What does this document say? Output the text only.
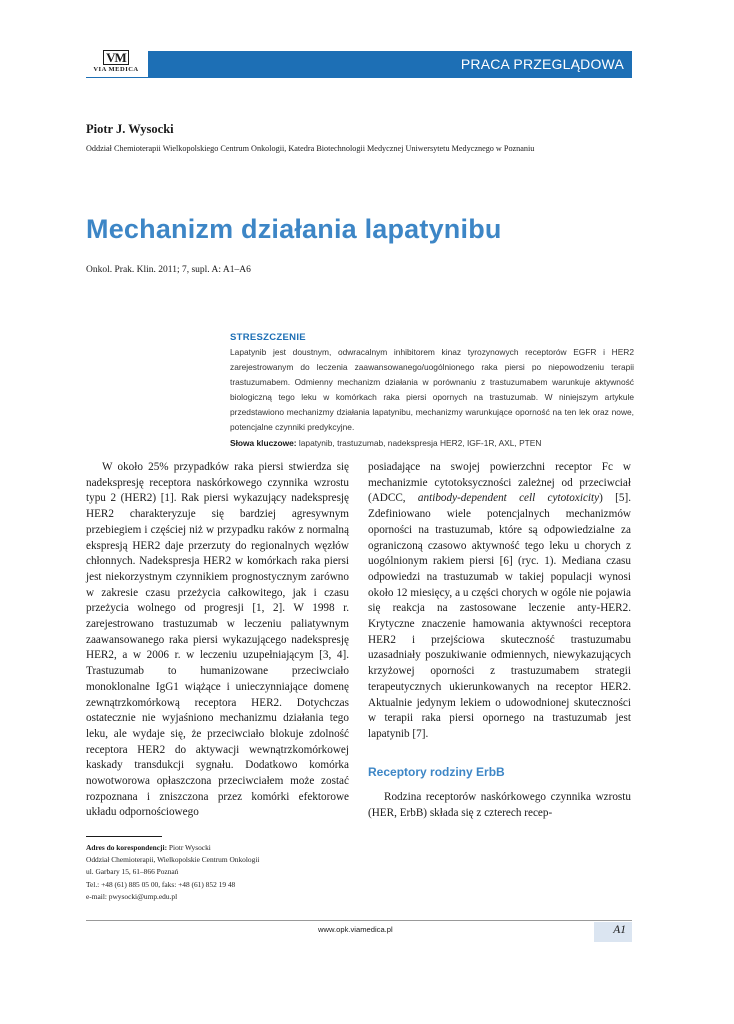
VM
VIA MEDICA	PRACA PRZEGLĄDOWA
Piotr J. Wysocki
Oddział Chemioterapii Wielkopolskiego Centrum Onkologii, Katedra Biotechnologii Medycznej Uniwersytetu Medycznego w Poznaniu
Mechanizm działania lapatynibu
Onkol. Prak. Klin. 2011; 7, supl. A: A1–A6
STRESZCZENIE
Lapatynib jest doustnym, odwracalnym inhibitorem kinaz tyrozynowych receptorów EGFR i HER2 zarejestrowanym do leczenia zaawansowanego/uogólnionego raka piersi po niepowodzeniu terapii trastuzumabem. Odmienny mechanizm działania w porównaniu z trastuzumabem warunkuje aktywność biologiczną tego leku w komórkach raka piersi opornych na trastuzumab. W niniejszym artykule przedstawiono mechanizmy działania lapatynibu, mechanizmy warunkujące oporność na ten lek oraz nowe, potencjalne czynniki predykcyjne.
Słowa kluczowe: lapatynib, trastuzumab, nadekspresja HER2, IGF-1R, AXL, PTEN

W około 25% przypadków raka piersi stwierdza się nadekspresję receptora naskórkowego czynnika wzrostu typu 2 (HER2) [1]. Rak piersi wykazujący nadekspresję HER2 charakteryzuje się bardziej agresywnym przebiegiem i częściej niż w przypadku raków z normalną ekspresją HER2 daje przerzuty do regionalnych węzłów chłonnych. Nadekspresja HER2 w komórkach raka piersi jest niekorzystnym czynnikiem prognostycznym zarówno w zakresie czasu przeżycia całkowitego, jak i czasu przeżycia wolnego od progresji [1, 2]. W 1998 r. zarejestrowano trastuzumab w leczeniu paliatywnym zaawansowanego raka piersi wykazującego nadekspresję HER2, a w 2006 r. w leczeniu uzupełniającym [3, 4]. Trastuzumab to humanizowane przeciwciało monoklonalne IgG1 wiążące i unieczynniające domenę zewnątrzkomórkową receptora HER2. Dotychczas ostatecznie nie wyjaśniono mechanizmu działania tego leku, ale wydaje się, że przeciwciało blokuje zdolność receptora HER2 do aktywacji wewnątrzkomórkowej kaskady transdukcji sygnału. Dodatkowo komórka nowotworowa opłaszczona przeciwciałem może zostać rozpoznana i zniszczona przez komórki efektorowe układu odpornościowego

posiadające na swojej powierzchni receptor Fc w mechanizmie cytotoksyczności zależnej od przeciwciał (ADCC, antibody-dependent cell cytotoxicity) [5]. Zdefiniowano wiele potencjalnych mechanizmów oporności na trastuzumab, które są odpowiedzialne za ograniczoną czasowo aktywność tego leku u chorych z uogólnionym rakiem piersi [6] (ryc. 1). Mediana czasu odpowiedzi na trastuzumab w takiej populacji wynosi około 12 miesięcy, a u części chorych w ogóle nie pojawia się reakcja na zastosowane leczenie anty-HER2. Krytyczne znaczenie hamowania aktywności receptora HER2 i przejściowa skuteczność trastuzumabu uzasadniały poszukiwanie odmiennych, niewykazujących krzyżowej oporności z trastuzumabem strategii terapeutycznych ukierunkowanych na receptor HER2. Aktualnie jedynym lekiem o udowodnionej skuteczności w terapii raka piersi opornego na trastuzumab jest lapatynib [7].

Receptory rodziny ErbB

Rodzina receptorów naskórkowego czynnika wzrostu (HER, ErbB) składa się z czterech recep-

Adres do korespondencji: Piotr Wysocki
Oddział Chemioterapii, Wielkopolskie Centrum Onkologii
ul. Garbary 15, 61–866 Poznań
Tel.: +48 (61) 885 05 00, faks: +48 (61) 852 19 48
e-mail: pwysocki@ump.edu.pl
www.opk.viamedica.pl	A1
